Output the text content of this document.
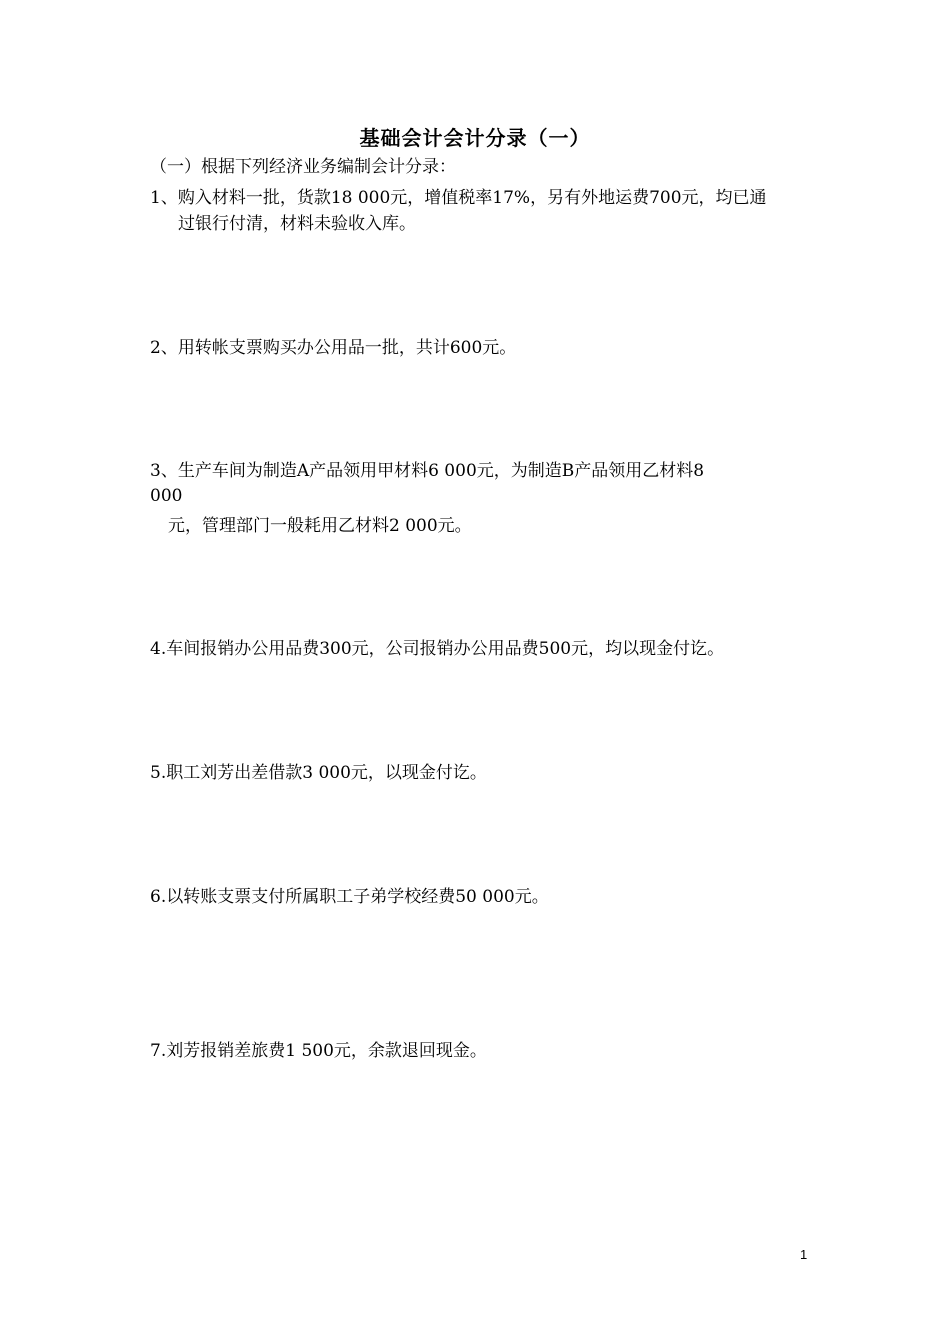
基础会计会计分录（一）
（一）根据下列经济业务编制会计分录：
1、购入材料一批，货款18 000元，增值税率17%，另有外地运费700元，均已通
过银行付清，材料未验收入库。
2、用转帐支票购买办公用品一批，共计600元。
3、生产车间为制造A产品领用甲材料6 000元，为制造B产品领用乙材料8
000
元，管理部门一般耗用乙材料2 000元。
4.车间报销办公用品费300元，公司报销办公用品费500元，均以现金付讫。
5.职工刘芳出差借款3 000元，以现金付讫。
6.以转账支票支付所属职工子弟学校经费50 000元。
7.刘芳报销差旅费1 500元，余款退回现金。
1
